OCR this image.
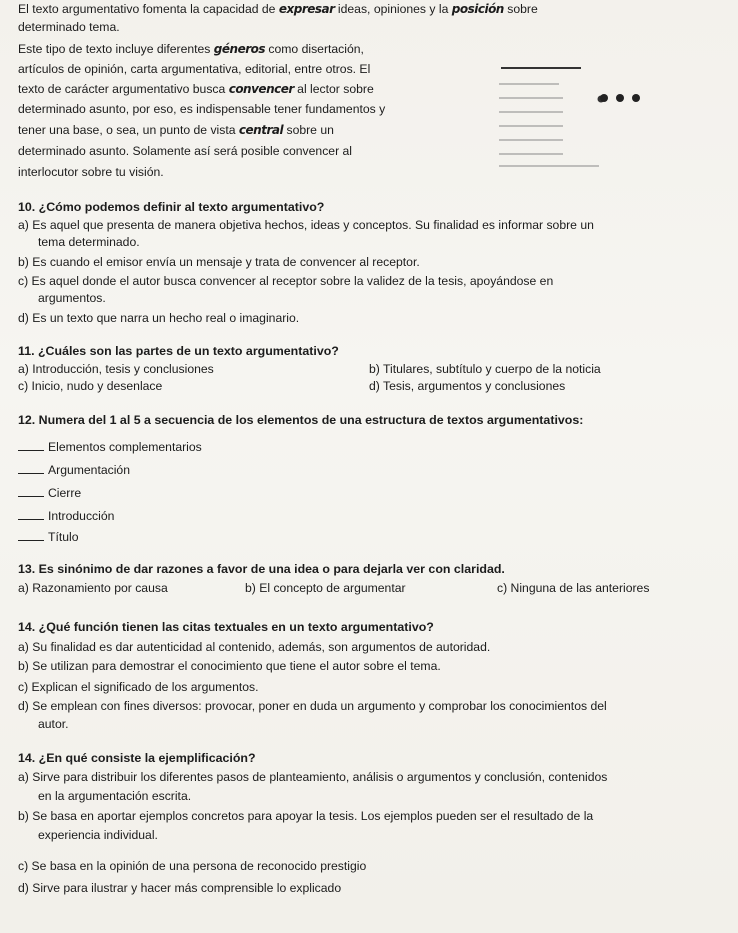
El texto argumentativo fomenta la capacidad de expresar ideas, opiniones y la posición sobre
determinado tema.
Este tipo de texto incluye diferentes géneros como disertación,
artículos de opinión, carta argumentativa, editorial, entre otros. El
texto de carácter argumentativo busca convencer al lector sobre
determinado asunto, por eso, es indispensable tener fundamentos y
tener una base, o sea, un punto de vista central sobre un
determinado asunto. Solamente así será posible convencer al
interlocutor sobre tu visión.
10. ¿Cómo podemos definir al texto argumentativo?
a) Es aquel que presenta de manera objetiva hechos, ideas y conceptos. Su finalidad es informar sobre un
tema determinado.
b) Es cuando el emisor envía un mensaje y trata de convencer al receptor.
c) Es aquel donde el autor busca convencer al receptor sobre la validez de la tesis, apoyándose en
argumentos.
d) Es un texto que narra un hecho real o imaginario.
11. ¿Cuáles son las partes de un texto argumentativo?
a) Introducción, tesis y conclusiones	b) Titulares, subtítulo y cuerpo de la noticia
c) Inicio, nudo y desenlace	d) Tesis, argumentos y conclusiones
12. Numera del 1 al 5 a secuencia de los elementos de una estructura de textos argumentativos:
Elementos complementarios
Argumentación
Cierre
Introducción
Título
13. Es sinónimo de dar razones a favor de una idea o para dejarla ver con claridad.
a) Razonamiento por causa	b) El concepto de argumentar	c) Ninguna de las anteriores
14. ¿Qué función tienen las citas textuales en un texto argumentativo?
a) Su finalidad es dar autenticidad al contenido, además, son argumentos de autoridad.
b) Se utilizan para demostrar el conocimiento que tiene el autor sobre el tema.
c) Explican el significado de los argumentos.
d) Se emplean con fines diversos: provocar, poner en duda un argumento y comprobar los conocimientos del
autor.
14. ¿En qué consiste la ejemplificación?
a) Sirve para distribuir los diferentes pasos de planteamiento, análisis o argumentos y conclusión, contenidos
en la argumentación escrita.
b) Se basa en aportar ejemplos concretos para apoyar la tesis. Los ejemplos pueden ser el resultado de la
experiencia individual.
c) Se basa en la opinión de una persona de reconocido prestigio
d) Sirve para ilustrar y hacer más comprensible lo explicado
